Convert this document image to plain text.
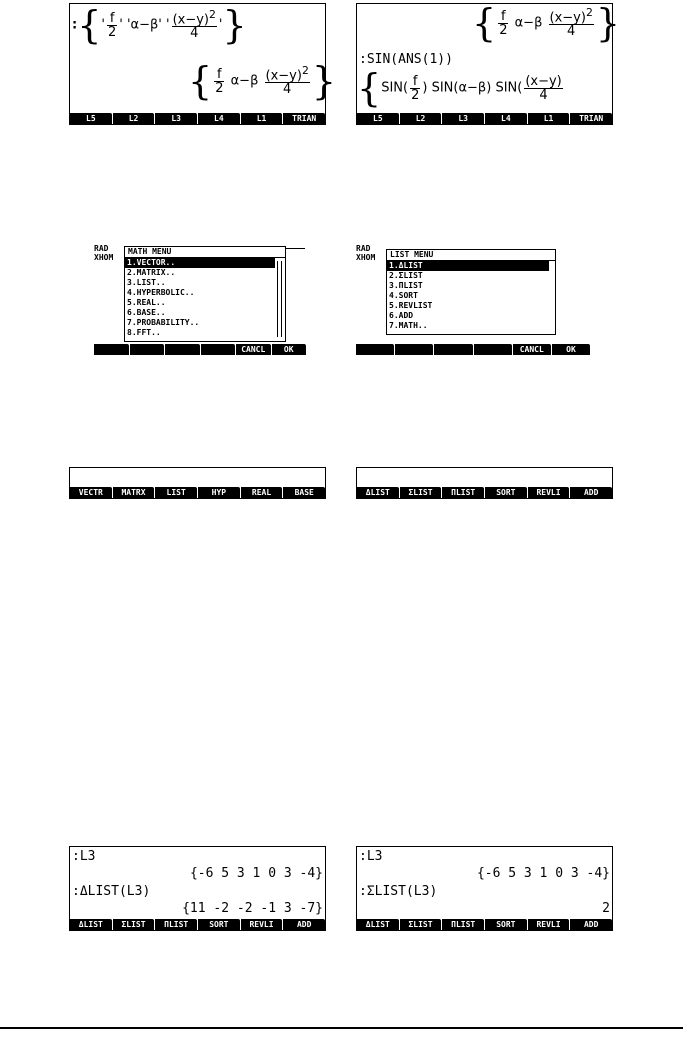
:{' $\frac{f}{2}$ ' 'α−β' ' $\frac{(x-y)^2}{4}$ '}
{ $\frac{f}{2} \alpha-\beta \frac{(x-y)^2}{4}$ }
L5	L2	L3	L4	L1	TRIAN
{ $\frac{f}{2} \alpha-\beta \frac{(x-y)^2}{4}$ }
:SIN(ANS(1))
{$SIN( \frac{f}{2}$ ) SIN(α−β) $SIN( \frac{(x-y)}{4}$
L5	L2	L3	L4	L1	TRIAN
RAD
XHOM
MATH MENU
1.VECTOR..
2.MATRIX..
3.LIST..
4.HYPERBOLIC..
5.REAL..
6.BASE..
7.PROBABILITY..
8.FFT..
CANCL	OK
RAD
XHOM	LIST MENU
1.ΔLIST
2.ΣLIST
3.ΠLIST
4.SORT
5.REVLIST
6.ADD
7.MATH..
CANCL	OK
VECTR	MATRX	LIST	HYP	REAL	BASE	ΔLIST	ΣLIST	ΠLIST	SORT	REVLI	ADD
:L3
{-6 5 3 1 0 3 -4}
:ΔLIST(L3)
{11 -2 -2 -1 3 -7}
ΔLIST	ΣLIST	ΠLIST	SORT	REVLI	ADD
:L3
{-6 5 3 1 0 3 -4}
:ΣLIST(L3)
2
ΔLIST	ΣLIST	ΠLIST	SORT	REVLI	ADD
